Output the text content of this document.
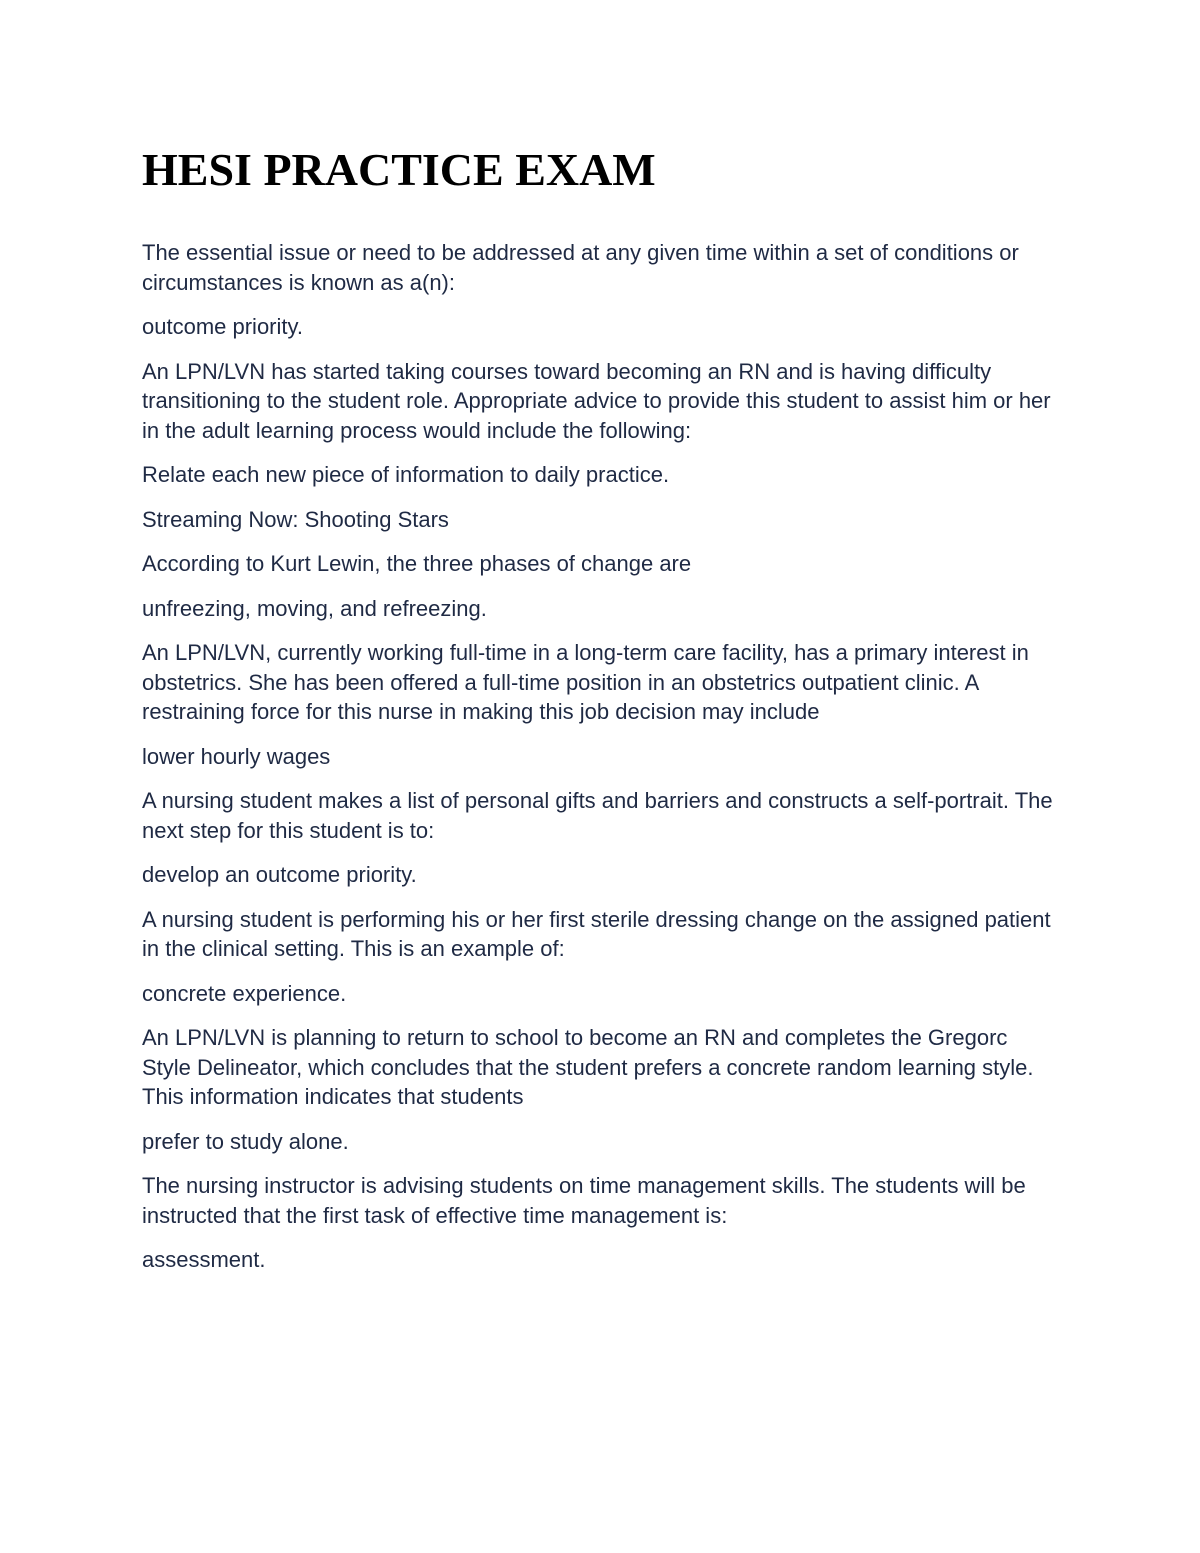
HESI PRACTICE EXAM

The essential issue or need to be addressed at any given time within a set of conditions or circumstances is known as a(n):

outcome priority.

An LPN/LVN has started taking courses toward becoming an RN and is having difficulty transitioning to the student role. Appropriate advice to provide this student to assist him or her in the adult learning process would include the following:

Relate each new piece of information to daily practice.

Streaming Now: Shooting Stars

According to Kurt Lewin, the three phases of change are

unfreezing, moving, and refreezing.

An LPN/LVN, currently working full-time in a long-term care facility, has a primary interest in obstetrics. She has been offered a full-time position in an obstetrics outpatient clinic. A restraining force for this nurse in making this job decision may include

lower hourly wages

A nursing student makes a list of personal gifts and barriers and constructs a self-portrait. The next step for this student is to:

develop an outcome priority.

A nursing student is performing his or her first sterile dressing change on the assigned patient in the clinical setting. This is an example of:

concrete experience.

An LPN/LVN is planning to return to school to become an RN and completes the Gregorc Style Delineator, which concludes that the student prefers a concrete random learning style. This information indicates that students

prefer to study alone.

The nursing instructor is advising students on time management skills. The students will be instructed that the first task of effective time management is:

assessment.
